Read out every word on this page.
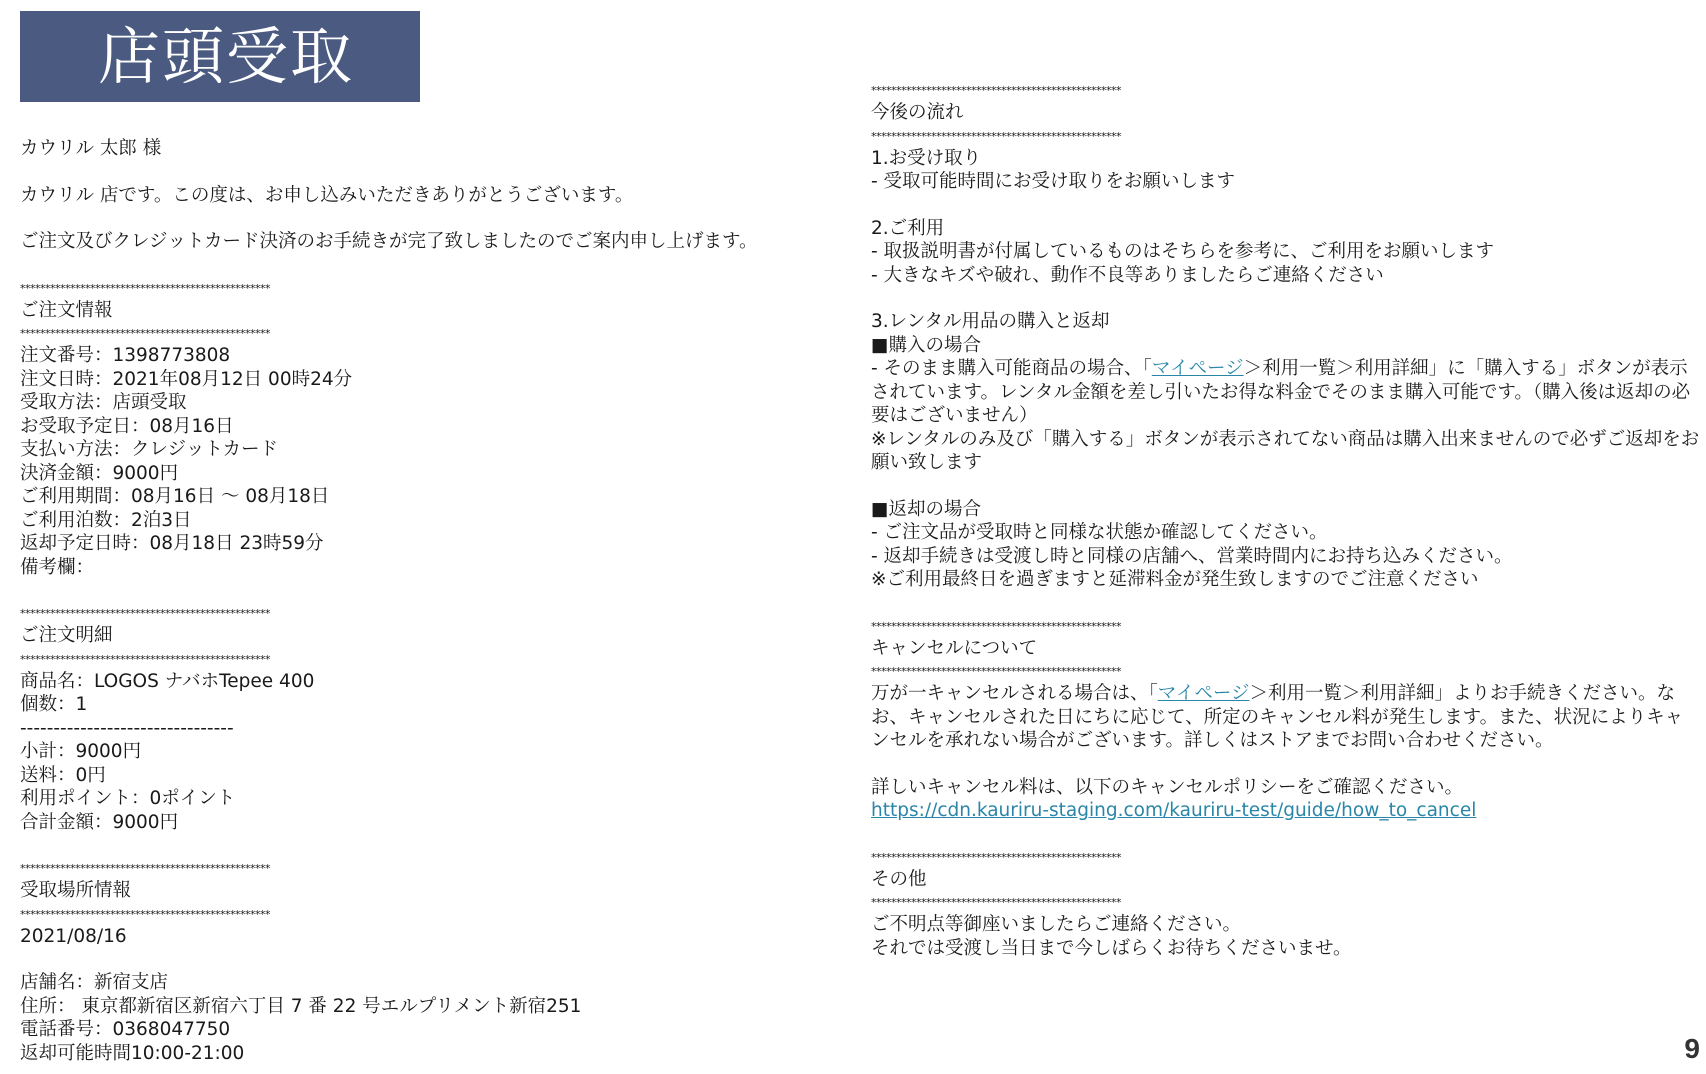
店頭受取
カウリル 太郎 様
カウリル 店です。この度は、お申し込みいただきありがとうございます。
ご注文及びクレジットカード決済のお手続きが完了致しましたのでご案内申し上げます。
**************************************************
ご注文情報
**************************************************
注文番号：1398773808
注文日時：2021年08月12日 00時24分
受取方法：店頭受取
お受取予定日：08月16日
支払い方法：クレジットカード
決済金額：9000円
ご利用期間：08月16日 〜 08月18日
ご利用泊数：2泊3日
返却予定日時：08月18日 23時59分
備考欄：
**************************************************
ご注文明細
**************************************************
商品名：LOGOS ナバホTepee 400
個数：1
--------------------------------
小計：9000円
送料：0円
利用ポイント：0ポイント
合計金額：9000円
**************************************************
受取場所情報
**************************************************
2021/08/16
店舗名：新宿支店
住所： 東京都新宿区新宿六丁目 7 番 22 号エルプリメント新宿251
電話番号：0368047750
返却可能時間10:00-21:00
**************************************************
今後の流れ
**************************************************
1.お受け取り
- 受取可能時間にお受け取りをお願いします
2.ご利用
- 取扱説明書が付属しているものはそちらを参考に、ご利用をお願いします
- 大きなキズや破れ、動作不良等ありましたらご連絡ください
3.レンタル用品の購入と返却
■購入の場合
- そのまま購入可能商品の場合、「マイページ＞利用一覧＞利用詳細」に「購入する」ボタンが表示されています。レンタル金額を差し引いたお得な料金でそのまま購入可能です。（購入後は返却の必要はございません）
※レンタルのみ及び「購入する」ボタンが表示されてない商品は購入出来ませんので必ずご返却をお願い致します
■返却の場合
- ご注文品が受取時と同様な状態か確認してください。
- 返却手続きは受渡し時と同様の店舗へ、営業時間内にお持ち込みください。
※ご利用最終日を過ぎますと延滞料金が発生致しますのでご注意ください
**************************************************
キャンセルについて
**************************************************
万が一キャンセルされる場合は、「マイページ＞利用一覧＞利用詳細」よりお手続きください。なお、キャンセルされた日にちに応じて、所定のキャンセル料が発生します。また、状況によりキャンセルを承れない場合がございます。詳しくはストアまでお問い合わせください。
詳しいキャンセル料は、以下のキャンセルポリシーをご確認ください。
https://cdn.kauriru-staging.com/kauriru-test/guide/how_to_cancel
**************************************************
その他
**************************************************
ご不明点等御座いましたらご連絡ください。
それでは受渡し当日まで今しばらくお待ちくださいませ。
9
